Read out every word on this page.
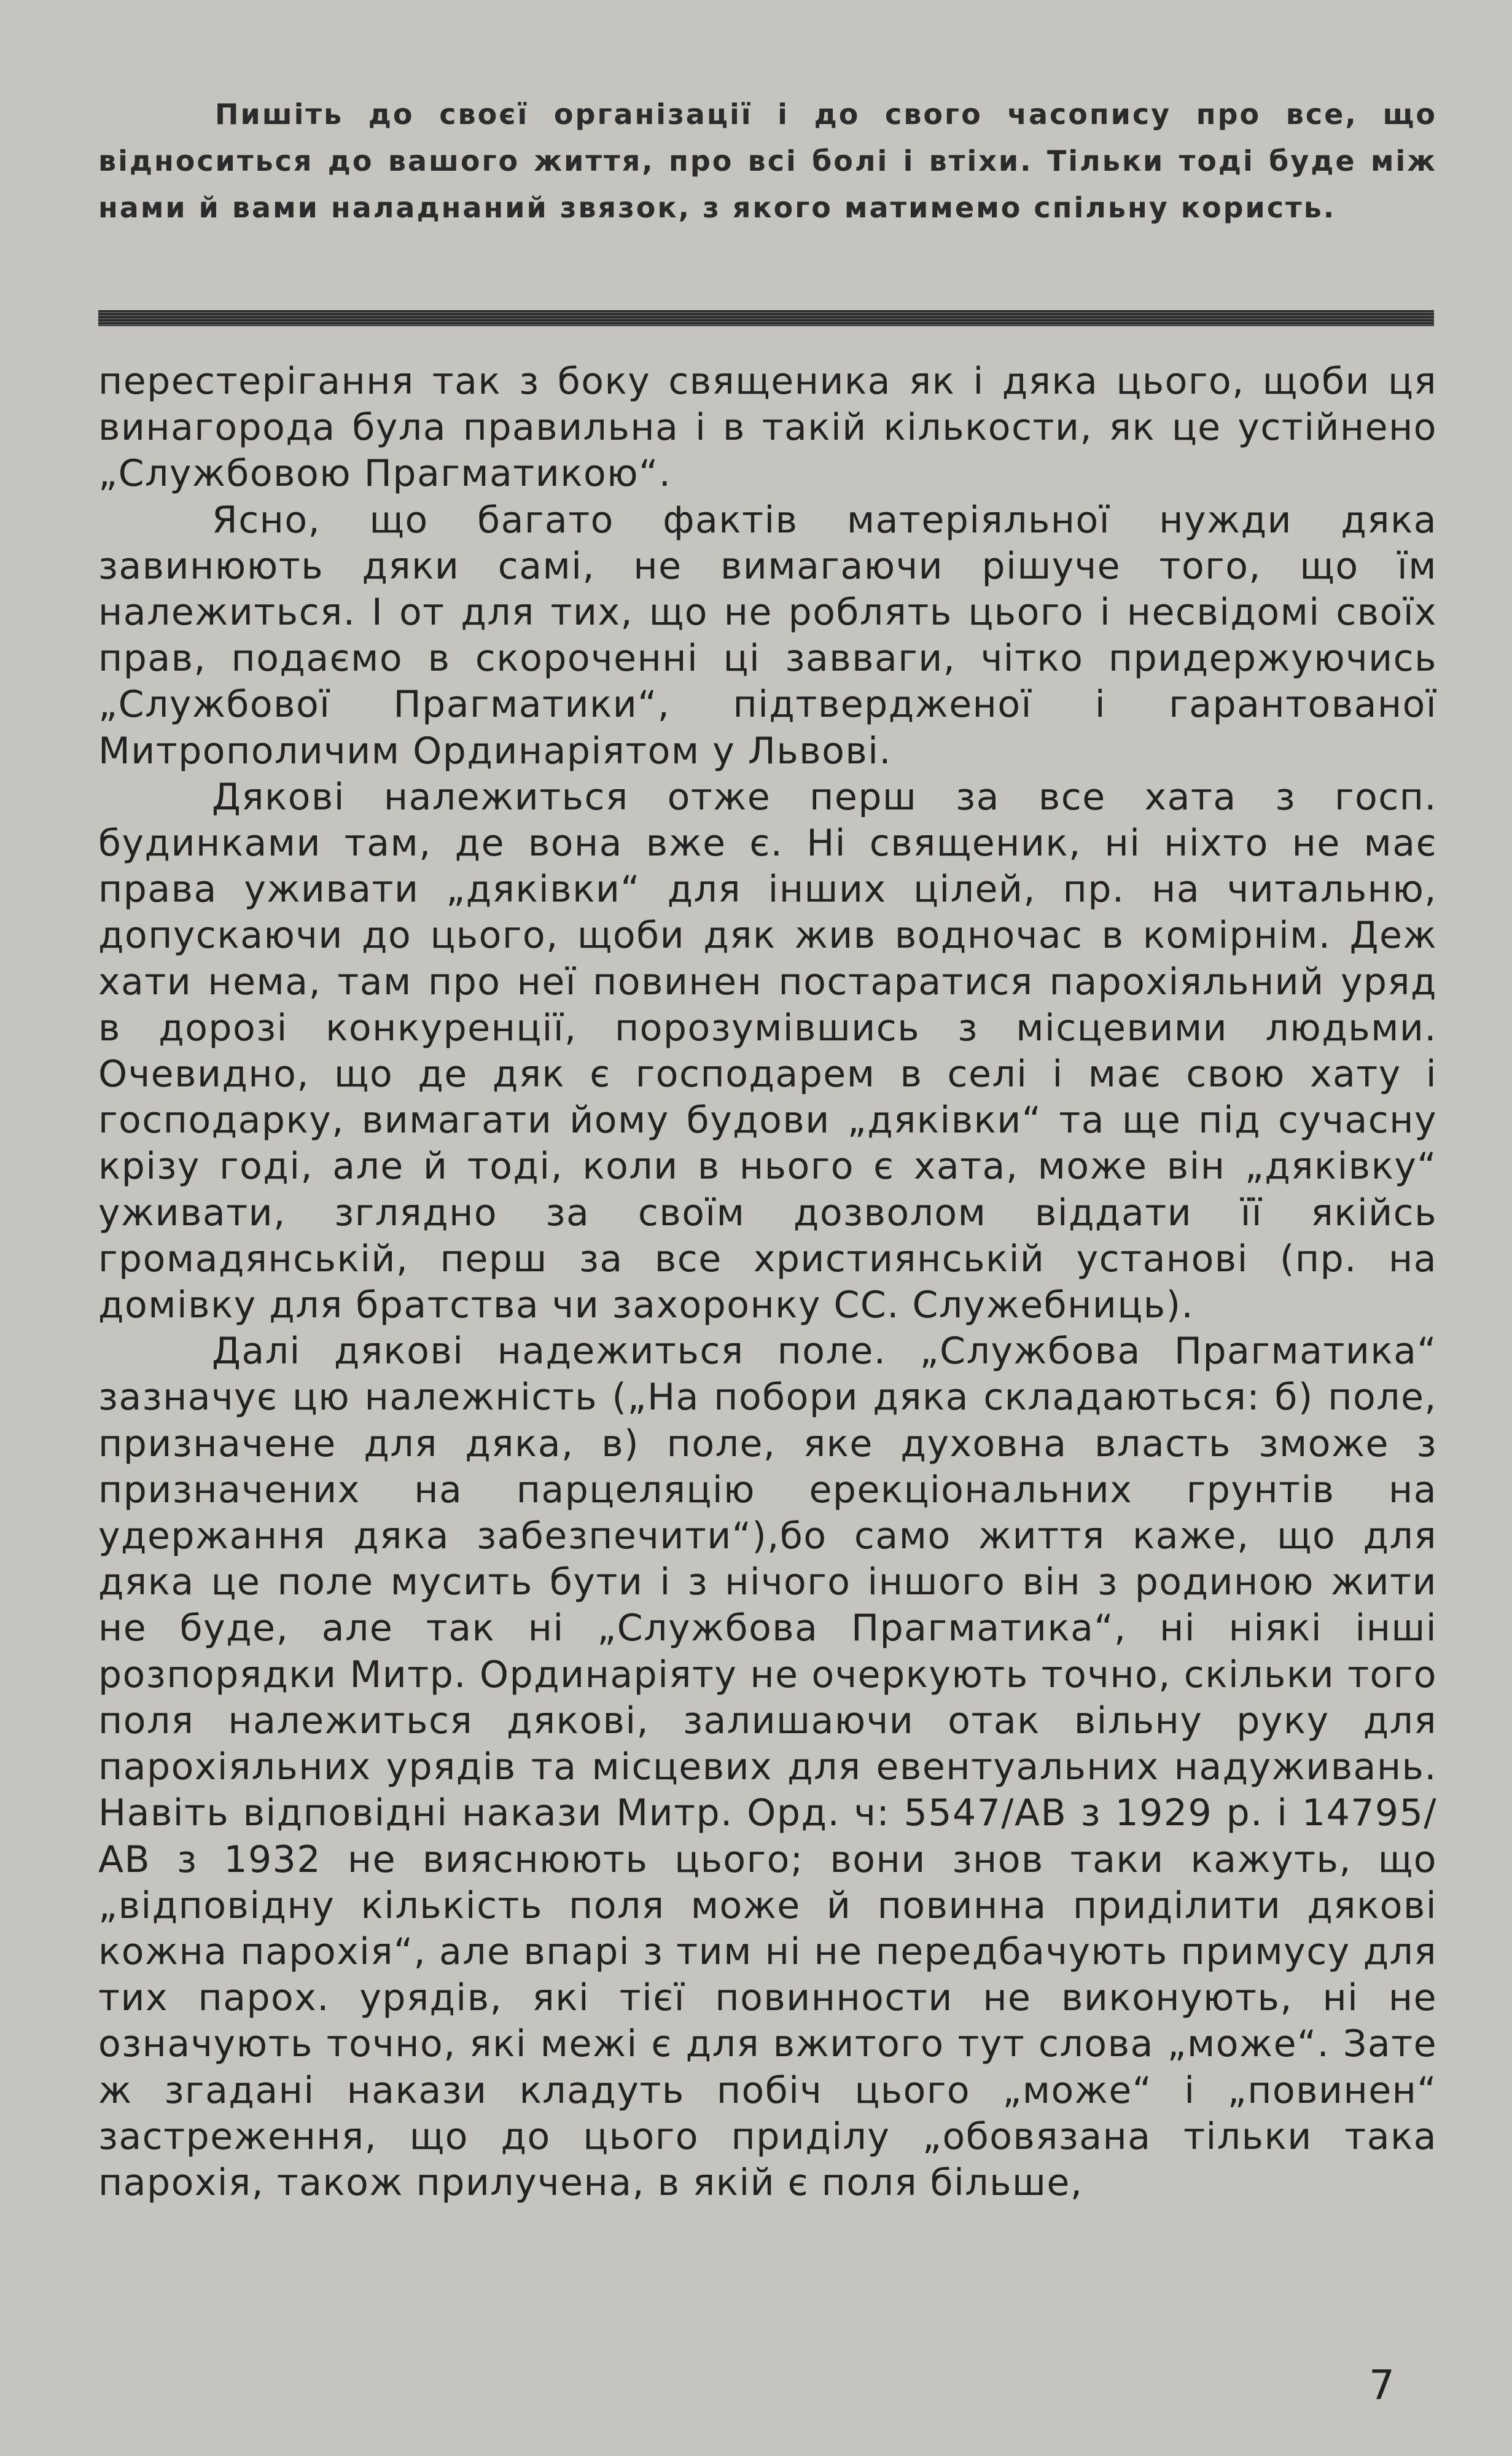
Пишіть до своєї організації і до свого часопису про все, що відноситься до вашого життя, про всі болі і втіхи. Тільки тоді буде між нами й вами наладнаний звязок, з якого матимемо спільну користь.

перестерігання так з боку священика як і дяка цього, щоби ця винагорода була правильна і в такій кількости, як це устійнено „Службовою Прагматикою“.

Ясно, що багато фактів матеріяльної нужди дяка завинюють дяки самі, не вимагаючи рішуче того, що їм належиться. І от для тих, що не роблять цього і несвідомі своїх прав, подаємо в скороченні ці завваги, чітко придержуючись „Службової Прагматики“, підтвердженої і гарантованої Митрополичим Ординаріятом у Львові.

Дякові належиться отже перш за все хата з госп. будинками там, де вона вже є. Ні священик, ні ніхто не має права уживати „дяківки“ для інших цілей, пр. на читальню, допускаючи до цього, щоби дяк жив водночас в комірнім. Деж хати нема, там про неї повинен постаратися парохіяльний уряд в дорозі конкуренції, порозумівшись з місцевими людьми. Очевидно, що де дяк є господарем в селі і має свою хату і господарку, вимагати йому будови „дяківки“ та ще під сучасну крізу годі, але й тоді, коли в нього є хата, може він „дяківку“ уживати, зглядно за своїм дозволом віддати її якійсь громадянській, перш за все християнській установі (пр. на домівку для братства чи захоронку СС. Служебниць).

Далі дякові надежиться поле. „Службова Прагматика“ зазначує цю належність („На побори дяка складаються: б) поле, призначене для дяка, в) поле, яке духовна власть зможе з призначених на парцеляцію ерекціональних грунтів на удержання дяка забезпечити“),бо само життя каже, що для дяка це поле мусить бути і з нічого іншого він з родиною жити не буде, але так ні „Службова Прагматика“, ні ніякі інші розпорядки Митр. Ординаріяту не очеркують точно, скільки того поля належиться дякові, залишаючи отак вільну руку для парохіяльних урядів та місцевих для евентуальних надуживань. Навіть відповідні накази Митр. Орд. ч: 5547/АВ з 1929 р. і 14795/АВ з 1932 не вияснюють цього; вони знов таки кажуть, що „відповідну кількість поля може й повинна приділити дякові кожна парохія“, але впарі з тим ні не передбачують примусу для тих парох. урядів, які тієї повинности не виконують, ні не означують точно, які межі є для вжитого тут слова „може“. Зате ж згадані накази кладуть побіч цього „може“ і „повинен“ застреження, що до цього приділу „обовязана тільки така парохія, також прилучена, в якій є поля більше,

7
